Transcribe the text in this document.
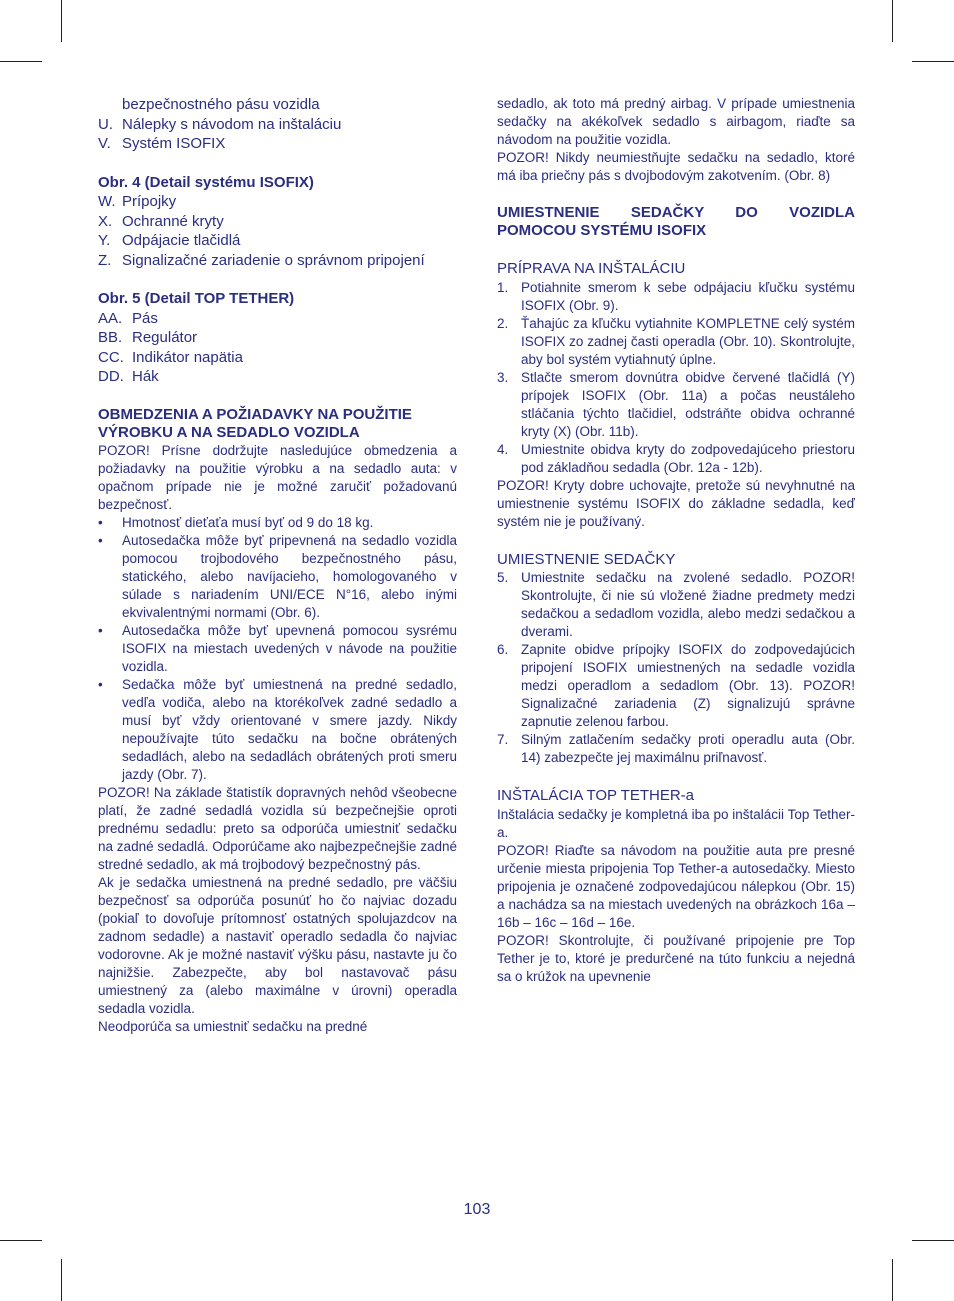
bezpečnostného pásu vozidla
U. Nálepky s návodom na inštaláciu
V. Systém ISOFIX

Obr. 4 (Detail systému ISOFIX)

W. Prípojky
X. Ochranné kryty
Y. Odpájacie tlačidlá
Z. Signalizačné zariadenie o správnom pripojení

Obr. 5 (Detail TOP TETHER)

AA. Pás
BB. Regulátor
CC. Indikátor napätia
DD. Hák

OBMEDZENIA A POŽIADAVKY NA POUŽITIE VÝROBKU A NA SEDADLO VOZIDLA

POZOR! Prísne dodržujte nasledujúce obmedzenia a požiadavky na použitie výrobku a na sedadlo auta: v opačnom prípade nie je možné zaručiť požadovanú bezpečnosť.

•	Hmotnosť dieťaťa musí byť od 9 do 18 kg.
•	Autosedačka môže byť pripevnená na sedadlo vozidla pomocou trojbodového bezpečnostného pásu, statického, alebo navíjacieho, homologovaného v súlade s nariadením UNI/ECE N°16, alebo inými ekvivalentnými normami (Obr. 6).
•	Autosedačka môže byť upevnená pomocou sysrému ISOFIX na miestach uvedených v návode na použitie vozidla.
•	Sedačka môže byť umiestnená na predné sedadlo, vedľa vodiča, alebo na ktorékoľvek zadné sedadlo a musí byť vždy orientované v smere jazdy. Nikdy nepoužívajte túto sedačku na bočne obrátených sedadlách, alebo na sedadlách obrátených proti smeru jazdy (Obr. 7).

POZOR! Na základe štatistík dopravných nehôd všeobecne platí, že zadné sedadlá vozidla sú bezpečnejšie oproti prednému sedadlu: preto sa odporúča umiestniť sedačku na zadné sedadlá. Odporúčame ako najbezpečnejšie zadné stredné sedadlo, ak má trojbodový bezpečnostný pás.

Ak je sedačka umiestnená na predné sedadlo, pre väčšiu bezpečnosť sa odporúča posunúť ho čo najviac dozadu (pokiaľ to dovoľuje prítomnosť ostatných spolujazdcov na zadnom sedadle) a nastaviť operadlo sedadla čo najviac vodorovne. Ak je možné nastaviť výšku pásu, nastavte ju čo najnižšie. Zabezpečte, aby bol nastavovač pásu umiestnený za (alebo maximálne v úrovni) operadla sedadla vozidla.

Neodporúča sa umiestniť sedačku na predné

sedadlo, ak toto má predný airbag. V prípade umiestnenia sedačky na akékoľvek sedadlo s airbagom, riaďte sa návodom na použitie vozidla.

POZOR! Nikdy neumiestňujte sedačku na sedadlo, ktoré má iba priečny pás s dvojbodovým zakotvením. (Obr. 8)

UMIESTNENIE SEDAČKY DO VOZIDLA POMOCOU SYSTÉMU ISOFIX

PRÍPRAVA NA INŠTALÁCIU

1. Potiahnite smerom k sebe odpájaciu kľučku systému ISOFIX (Obr. 9).
2. Ťahajúc za kľučku vytiahnite KOMPLETNE celý systém ISOFIX zo zadnej časti operadla (Obr. 10). Skontrolujte, aby bol systém vytiahnutý úplne.
3. Stlačte smerom dovnútra obidve červené tlačidlá (Y) prípojek ISOFIX (Obr. 11a) a počas neustáleho stláčania týchto tlačidiel, odstráňte obidva ochranné kryty (X) (Obr. 11b).
4. Umiestnite obidva kryty do zodpovedajúceho priestoru pod základňou sedadla (Obr. 12a - 12b).

POZOR! Kryty dobre uchovajte, pretože sú nevyhnutné na umiestnenie systému ISOFIX do základne sedadla, keď systém nie je používaný.

UMIESTNENIE SEDAČKY

5. Umiestnite sedačku na zvolené sedadlo. POZOR! Skontrolujte, či nie sú vložené žiadne predmety medzi sedačkou a sedadlom vozidla, alebo medzi sedačkou a dverami.
6. Zapnite obidve prípojky ISOFIX do zodpovedajúcich pripojení ISOFIX umiestnených na sedadle vozidla medzi operadlom a sedadlom (Obr. 13). POZOR! Signalizačné zariadenia (Z) signalizujú správne zapnutie zelenou farbou.
7. Silným zatlačením sedačky proti operadlu auta (Obr. 14) zabezpečte jej maximálnu priľnavosť.

INŠTALÁCIA TOP TETHER-a

Inštalácia sedačky je kompletná iba po inštalácii Top Tether-a.

POZOR! Riaďte sa návodom na použitie auta pre presné určenie miesta pripojenia Top Tether-a autosedačky. Miesto pripojenia je označené zodpovedajúcou nálepkou (Obr. 15) a nachádza sa na miestach uvedených na obrázkoch 16a – 16b – 16c – 16d – 16e.

POZOR! Skontrolujte, či používané pripojenie pre Top Tether je to, ktoré je predurčené na túto funkciu a nejedná sa o krúžok na upevnenie

103
